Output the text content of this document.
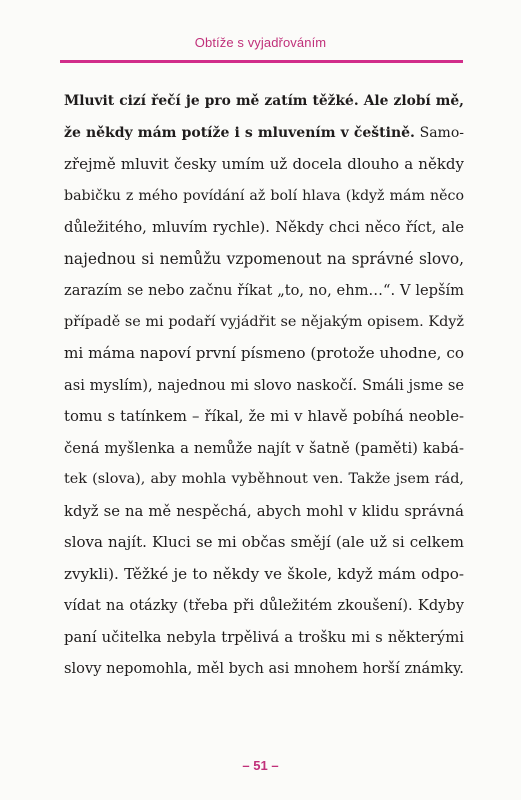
Obtíže s vyjadřováním
Mluvit cizí řečí je pro mě zatím těžké. Ale zlobí mě,
že někdy mám potíže i s mluvením v češtině. Samo-
zřejmě mluvit česky umím už docela dlouho a někdy
babičku z mého povídání až bolí hlava (když mám něco
důležitého, mluvím rychle). Někdy chci něco říct, ale
najednou si nemůžu vzpomenout na správné slovo,
zarazím se nebo začnu říkat „to, no, ehm…“. V lepším
případě se mi podaří vyjádřit se nějakým opisem. Když
mi máma napoví první písmeno (protože uhodne, co
asi myslím), najednou mi slovo naskočí. Smáli jsme se
tomu s tatínkem – říkal, že mi v hlavě pobíhá neoble-
čená myšlenka a nemůže najít v šatně (paměti) kabá-
tek (slova), aby mohla vyběhnout ven. Takže jsem rád,
když se na mě nespěchá, abych mohl v klidu správná
slova najít. Kluci se mi občas smějí (ale už si celkem
zvykli). Těžké je to někdy ve škole, když mám odpo-
vídat na otázky (třeba při důležitém zkoušení). Kdyby
paní učitelka nebyla trpělivá a trošku mi s některými
slovy nepomohla, měl bych asi mnohem horší známky.
– 51 –
